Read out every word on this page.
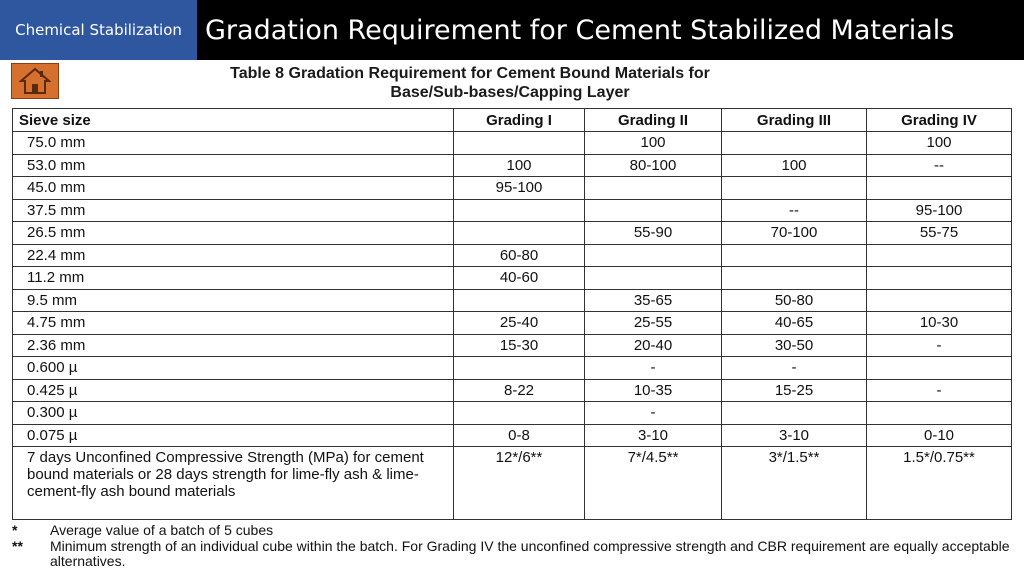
Chemical Stabilization Gradation Requirement for Cement Stabilized Materials
Table 8 Gradation Requirement for Cement Bound Materials for
Base/Sub-bases/Capping Layer
Sieve size	Grading I	Grading II	Grading III	Grading IV
75.0 mm		100		100
53.0 mm	100	80-100	100	--
45.0 mm	95-100			
37.5 mm			--	95-100
26.5 mm		55-90	70-100	55-75
22.4 mm	60-80			
11.2 mm	40-60			
9.5 mm		35-65	50-80	
4.75 mm	25-40	25-55	40-65	10-30
2.36 mm	15-30	20-40	30-50	-
0.600 µ		-	-	
0.425 µ	8-22	10-35	15-25	-
0.300 µ		-		
0.075 µ	0-8	3-10	3-10	0-10
7 days Unconfined Compressive Strength (MPa) for cement bound materials or 28 days strength for lime-fly ash & lime-cement-fly ash bound materials	12*/6**	7*/4.5**	3*/1.5**	1.5*/0.75**
*	Average value of a batch of 5 cubes
**	Minimum strength of an individual cube within the batch. For Grading IV the unconfined compressive strength and CBR requirement are equally acceptable alternatives.
